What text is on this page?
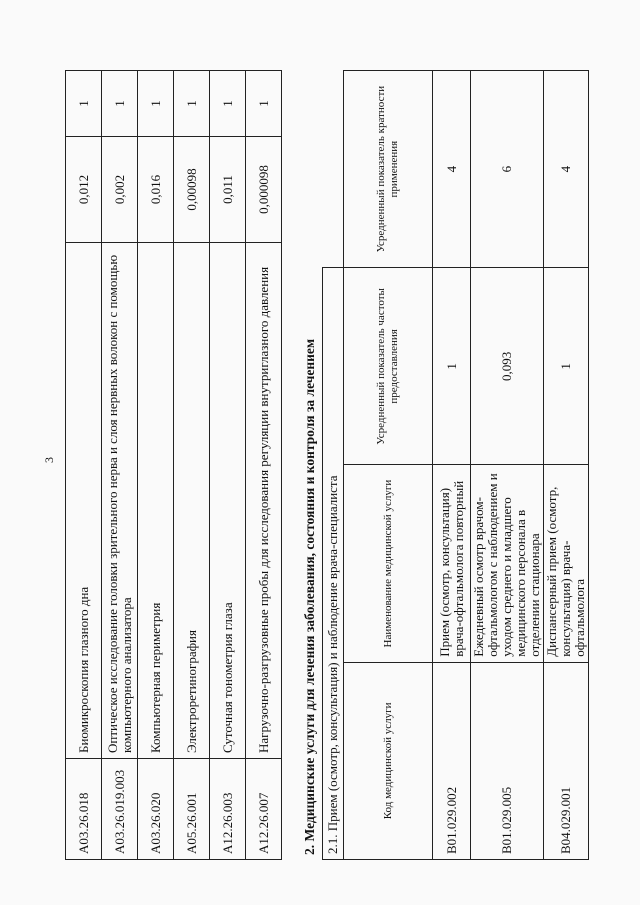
3
A03.26.018	Биомикроскопия глазного дна	0,012	1
A03.26.019.003	Оптическое исследование головки зрительного нерва и слоя нервных волокон с помощью компьютерного анализатора	0,002	1
A03.26.020	Компьютерная периметрия	0,016	1
A05.26.001	Электроретинография	0,00098	1
A12.26.003	Суточная тонометрия глаза	0,011	1
A12.26.007	Нагрузочно-разгрузовные пробы для исследования регуляции внутриглазного давления	0,000098	1
2. Медицинские услуги для лечения заболевания, состояния и контроля за лечением 2.1. Прием (осмотр, консультация) и наблюдение врача-специалиста			
Код медицинской услуги	Наименование медицинской услуги	Усредненный показатель частоты предоставления	Усредненный показатель кратности применения
B01.029.002	Прием (осмотр, консультация) врача-офтальмолога повторный	1	4
B01.029.005	Ежедневный осмотр врачом-офтальмологом с наблюдением и уходом среднего и младшего медицинского персонала в отделении стационара	0,093	6
B04.029.001	Диспансерный прием (осмотр, консультация) врача-офтальмолога	1	4
